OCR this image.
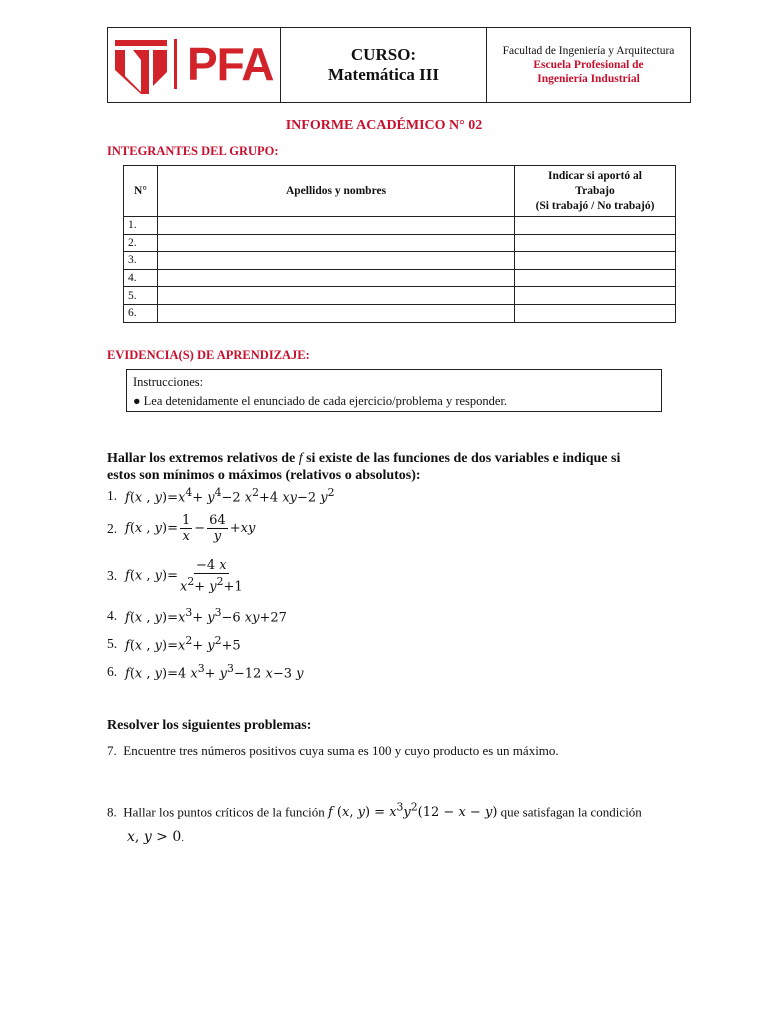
PFA	CURSO:
Matemática III
Facultad de Ingeniería y Arquitectura
Escuela Profesional de
Ingeniería Industrial
INFORME ACADÉMICO N° 02
INTEGRANTES DEL GRUPO:
N°	Apellidos y nombres	Indicar si aportó al
Trabajo
(Si trabajó / No trabajó)

1.		
2.		
3.		
4.		
5.		
6.		
EVIDENCIA(S) DE APRENDIZAJE:
Instrucciones:
● Lea detenidamente el enunciado de cada ejercicio/problema y responder.
Hallar los extremos relativos de f si existe de las funciones de dos variables e indique si
estos son mínimos o máximos (relativos o absolutos):
1. f(x , $y)=x^4+ y^4-2$ $x^2+4$ xy−2 $y^2$
2. f(x , $y)= \frac{1}{x} - \frac{64}{y} +xy$
3. f(x , $y)= \frac{-4 x}{x^2+ y^2+1}$
4. f(x , $y)=x^3+ y^3-6$ xy+27
5. f(x , $y)=x^2+ y^2+5$
6. f(x , y)=4 $x^3+ y^3-12$ x−3 y
Resolver los siguientes problemas:
7. Encuentre tres números positivos cuya suma es 100 y cuyo producto es un máximo.
8. Hallar los puntos críticos de la función f (x, $y) = x^3y^2(12 - x - y)$ que satisfagan la condición
x, y > 0.
